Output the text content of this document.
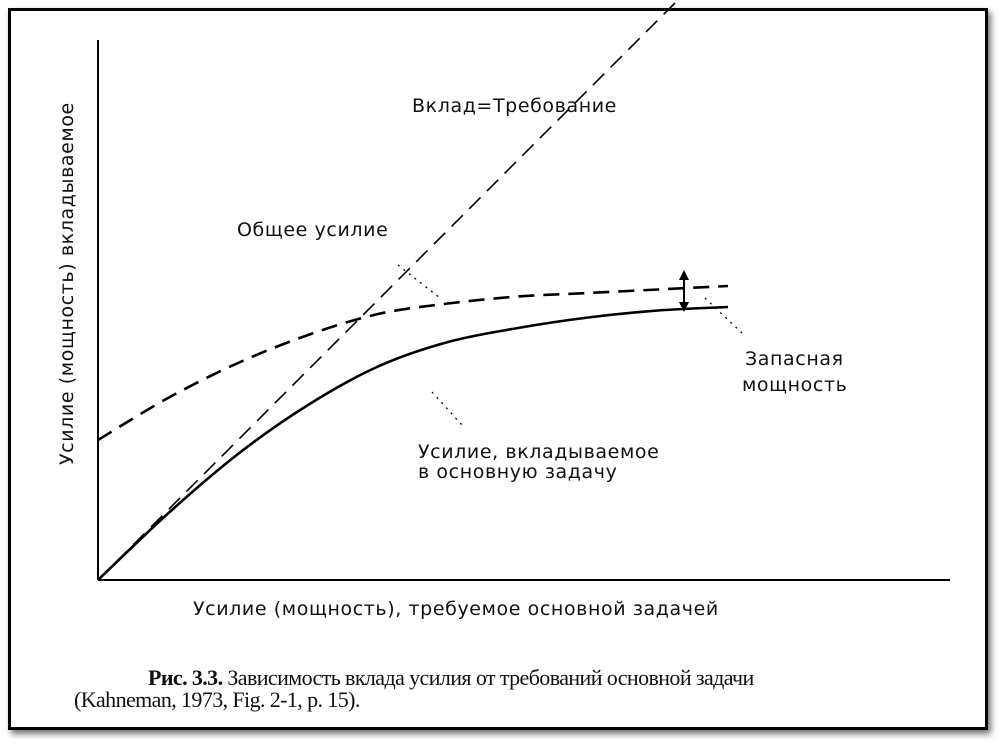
Вклад=Требование
Общее усилие
Запасная
мощность
Усилие, вкладываемое
в основную задачу
Усилие (мощность), требуемое основной задачей
Усилие (мощность) вкладываемое
Рис. 3.3. Зависимость вклада усилия от требований основной задачи
(Kahneman, 1973, Fig. 2-1, p. 15).
